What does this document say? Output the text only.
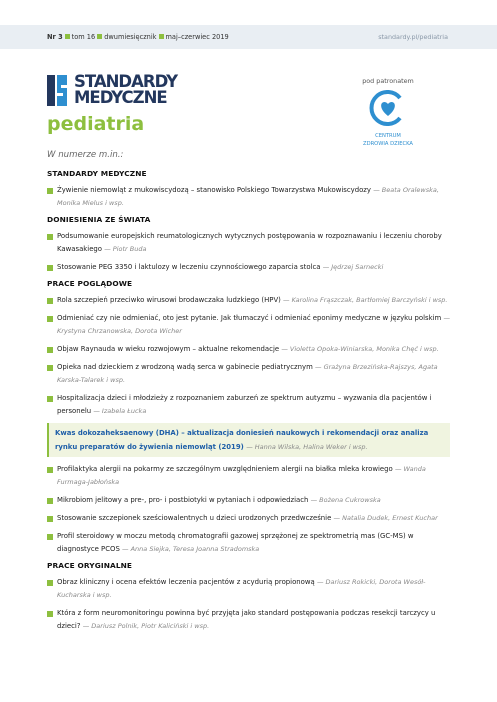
Nr 3 tom 16 dwumiesięcznik maj–czerwiec 2019	standardy.pl/pediatria
STANDARDY
MEDYCZNE
pediatria
pod patronatem
CENTRUM
ZDROWIA DZIECKA
W numerze m.in.:
STANDARDY MEDYCZNE
Żywienie niemowląt z mukowiscydozą – stanowisko Polskiego Towarzystwa Mukowiscydozy — Beata Oralewska, Monika Mielus i wsp.
DONIESIENIA ZE ŚWIATA
Podsumowanie europejskich reumatologicznych wytycznych postępowania w rozpoznawaniu i leczeniu choroby Kawasakiego — Piotr Buda
Stosowanie PEG 3350 i laktulozy w leczeniu czynnościowego zaparcia stolca — Jędrzej Sarnecki
PRACE POGLĄDOWE
Rola szczepień przeciwko wirusowi brodawczaka ludzkiego (HPV) — Karolina Frąszczak, Bartłomiej Barczyński i wsp.
Odmieniać czy nie odmieniać, oto jest pytanie. Jak tłumaczyć i odmieniać eponimy medyczne w języku polskim — Krystyna Chrzanowska, Dorota Wicher
Objaw Raynauda w wieku rozwojowym – aktualne rekomendacje — Violetta Opoka-Winiarska, Monika Chęć i wsp.
Opieka nad dzieckiem z wrodzoną wadą serca w gabinecie pediatrycznym — Grażyna Brzezińska-Rajszys, Agata Karska-Talarek i wsp.
Hospitalizacja dzieci i młodzieży z rozpoznaniem zaburzeń ze spektrum autyzmu – wyzwania dla pacjentów i personelu — Izabela Łucka
Kwas dokozaheksaenowy (DHA) – aktualizacja doniesień naukowych i rekomendacji oraz analiza rynku preparatów do żywienia niemowląt (2019) — Hanna Wilska, Halina Weker i wsp.
Profilaktyka alergii na pokarmy ze szczególnym uwzględnieniem alergii na białka mleka krowiego — Wanda Furmaga-Jabłońska
Mikrobiom jelitowy a pre-, pro- i postbiotyki w pytaniach i odpowiedziach — Bożena Cukrowska
Stosowanie szczepionek sześciowalentnych u dzieci urodzonych przedwcześnie — Natalia Dudek, Ernest Kuchar
Profil steroidowy w moczu metodą chromatografii gazowej sprzężonej ze spektrometrią mas (GC-MS) w diagnostyce PCOS — Anna Siejka, Teresa Joanna Stradomska
PRACE ORYGINALNE
Obraz kliniczny i ocena efektów leczenia pacjentów z acydurią propionową — Dariusz Rokicki, Dorota Wesół-Kucharska i wsp.
Która z form neuromonitoringu powinna być przyjęta jako standard postępowania podczas resekcji tarczycy u dzieci? — Dariusz Polnik, Piotr Kaliciński i wsp.
